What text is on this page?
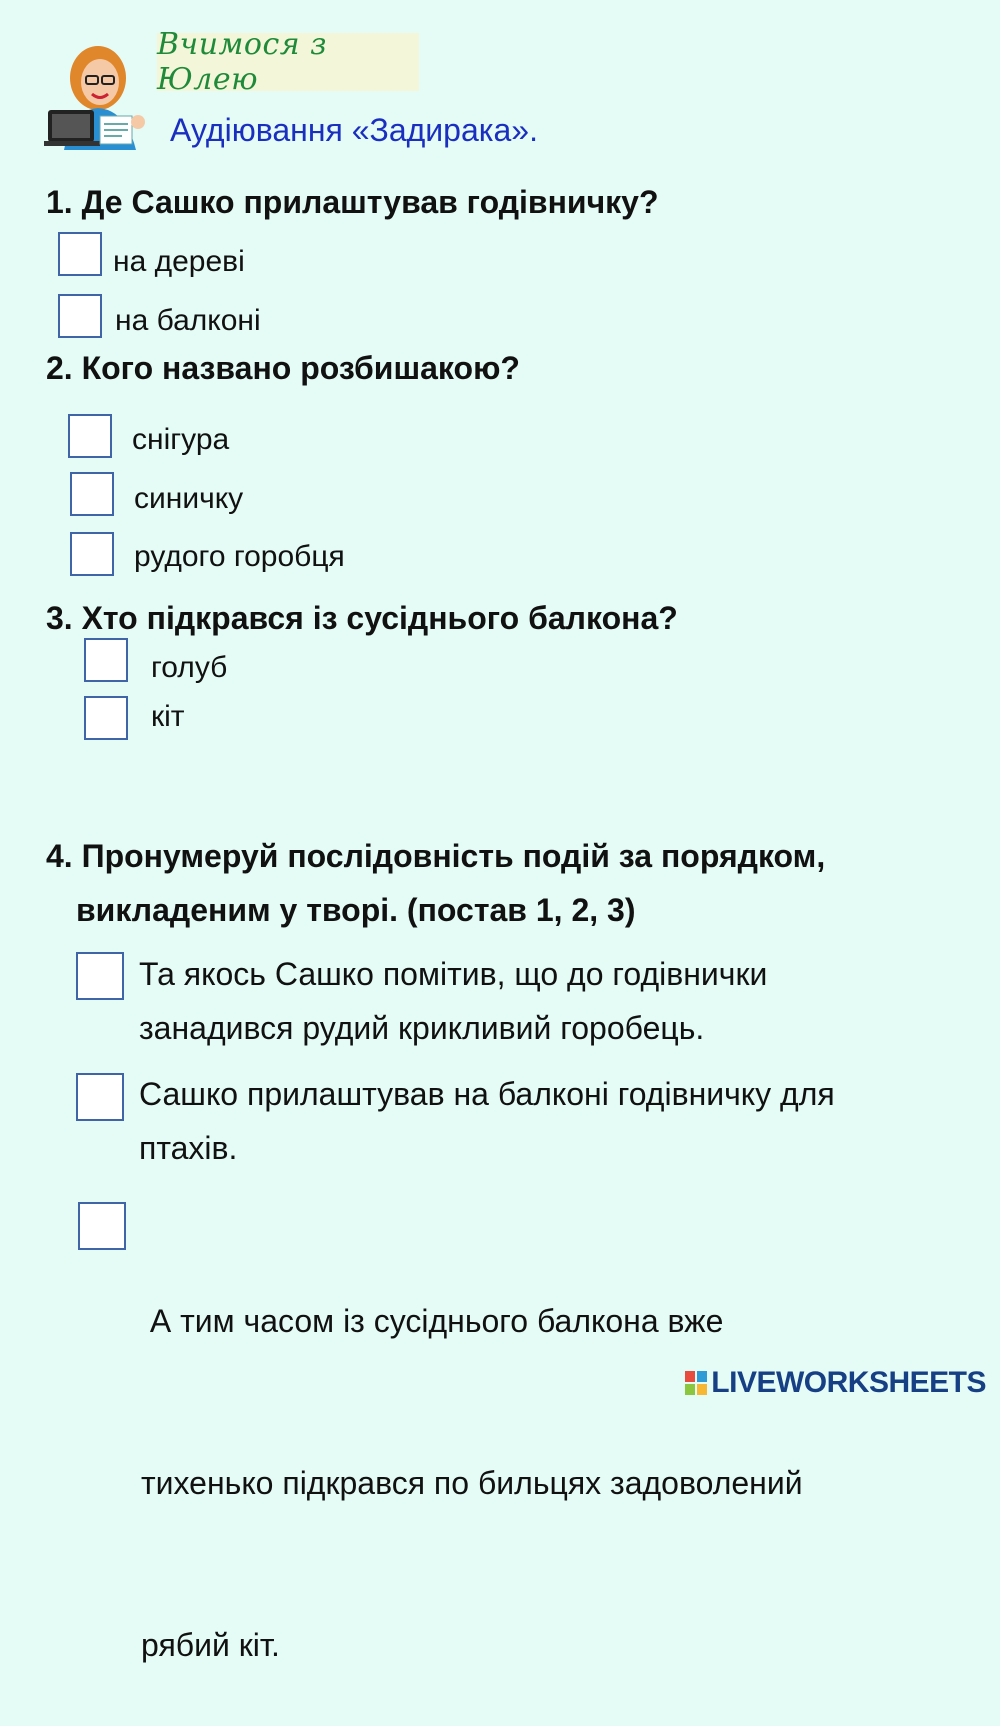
Вчимося з Юлею
Аудіювання «Задирака».
1. Де Сашко прилаштував годівничку?
на дереві
на балконі
2. Кого названо розбишакою?
снігура
синичку
рудого горобця
3. Хто підкрався із сусіднього балкона?
голуб
кіт
4. Пронумеруй послідовність подій за порядком,
викладеним у творі. (постав 1, 2, 3)
Та якось Сашко помітив, що до годівнички
занадився рудий крикливий горобець.
Сашко прилаштував на балконі годівничку для
птахів.

А тим часом із сусіднього балкона вже

тихенько підкрався по бильцях задоволений

рябий кіт.

LIVEWORKSHEETS
